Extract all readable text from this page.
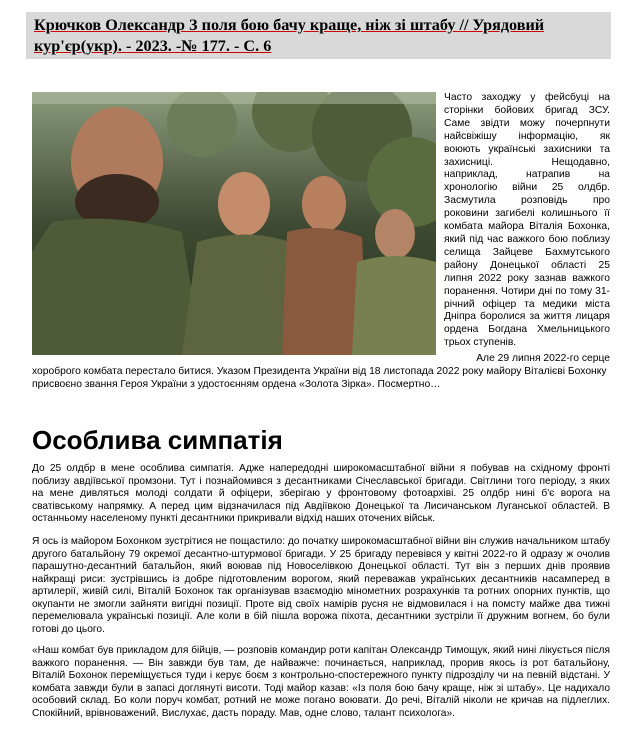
Крючков Олександр З поля бою бачу краще, ніж зі штабу // Урядовий кур'єр(укр). - 2023. -№ 177. - С. 6
Часто заходжу у фейсбуці на сторінки бойових бригад ЗСУ. Саме звідти можу почерпнути найсвіжішу інформацію, як воюють українські захисники та захисниці. Нещодавно, наприклад, натрапив на хронологію війни 25 олдбр. Засмутила розповідь про роковини загибелі колишнього її комбата майора Віталія Бохонка, який під час важкого бою поблизу селища Зайцеве Бахмутського району Донецької області 25 липня 2022 року зазнав важкого поранення. Чотири дні по тому 31-річний офіцер та медики міста Дніпра боролися за життя лицаря ордена Богдана Хмельницького трьох ступенів.
Але 29 липня 2022-го серце
хороброго комбата перестало битися. Указом Президента України від 18 листопада 2022 року майору Віталієві Бохонку присвоєно звання Героя України з удостоєнням ордена «Золота Зірка». Посмертно…
Особлива симпатія

До 25 олдбр в мене особлива симпатія. Адже напередодні широкомасштабної війни я побував на східному фронті поблизу авдіївської промзони. Тут і познайомився з десантниками Січеславської бригади. Світлини того періоду, з яких на мене дивляться молоді солдати й офіцери, зберігаю у фронтовому фотоархіві. 25 олдбр нині б'є ворога на сватівському напрямку. А перед цим відзначилася під Авдіївкою Донецької та Лисичанськом Луганської областей. В останньому населеному пункті десантники прикривали відхід наших оточених військ.

Я ось із майором Бохонком зустрітися не пощастило: до початку широкомасштабної війни він служив начальником штабу другого батальйону 79 окремої десантно-штурмової бригади. У 25 бригаду перевівся у квітні 2022-го й одразу ж очолив парашутно-десантний батальйон, який воював під Новоселівкою Донецької області. Тут він з перших днів проявив найкращі риси: зустрівшись із добре підготовленим ворогом, який переважав українських десантників насамперед в артилерії, живій силі, Віталій Бохонок так організував взаємодію мінометних розрахунків та ротних опорних пунктів, що окупанти не змогли зайняти вигідні позиції. Проте від своїх намірів русня не відмовилася і на помсту майже два тижні перемелювала українські позиції. Але коли в бій пішла ворожа піхота, десантники зустріли її дружним вогнем, бо були готові до цього.

«Наш комбат був прикладом для бійців, — розповів командир роти капітан Олександр Тимощук, який нині лікується після важкого поранення. — Він завжди був там, де найважче: починається, наприклад, прорив якось із рот батальйону, Віталій Бохонок переміщується туди і керує боєм з контрольно-спостережного пункту підрозділу чи на певній відстані. У комбата завжди були в запасі доглянуті висоти. Тоді майор казав: «Із поля бою бачу краще, ніж зі штабу». Це надихало особовий склад. Бо коли поруч комбат, ротний не може погано воювати. До речі, Віталій ніколи не кричав на підлеглих. Спокійний, врівноважений. Вислухає, дасть пораду. Мав, одне слово, талант психолога».
